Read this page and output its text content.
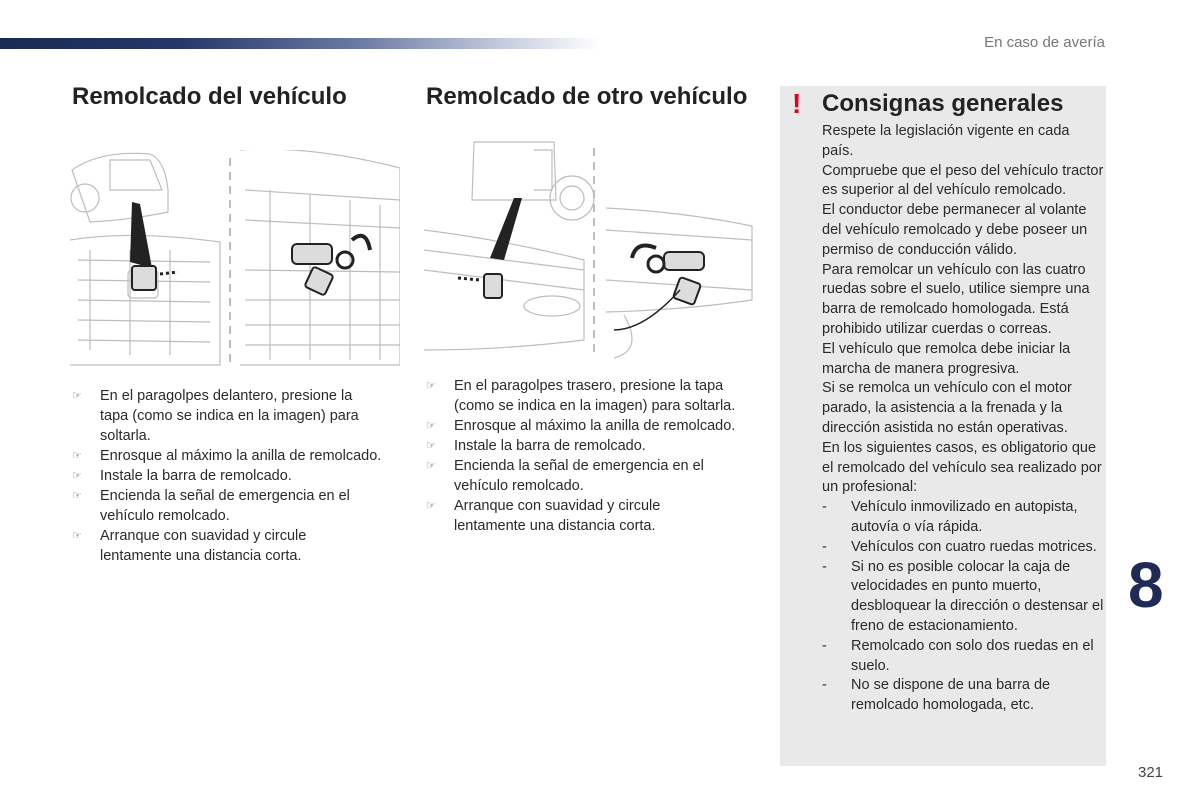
En caso de avería
Remolcado del vehículo
☞ En el paragolpes delantero, presione la tapa (como se indica en la imagen) para soltarla.
☞ Enrosque al máximo la anilla de remolcado.
☞ Instale la barra de remolcado.
☞ Encienda la señal de emergencia en el vehículo remolcado.
☞ Arranque con suavidad y circule lentamente una distancia corta.
Remolcado de otro vehículo
☞ En el paragolpes trasero, presione la tapa (como se indica en la imagen) para soltarla.
☞ Enrosque al máximo la anilla de remolcado.
☞ Instale la barra de remolcado.
☞ Encienda la señal de emergencia en el vehículo remolcado.
☞ Arranque con suavidad y circule lentamente una distancia corta.
! Consignas generales

Respete la legislación vigente en cada país.

Compruebe que el peso del vehículo tractor es superior al del vehículo remolcado.

El conductor debe permanecer al volante del vehículo remolcado y debe poseer un permiso de conducción válido.

Para remolcar un vehículo con las cuatro ruedas sobre el suelo, utilice siempre una barra de remolcado homologada. Está prohibido utilizar cuerdas o correas.

El vehículo que remolca debe iniciar la marcha de manera progresiva.

Si se remolca un vehículo con el motor parado, la asistencia a la frenada y la dirección asistida no están operativas.

En los siguientes casos, es obligatorio que el remolcado del vehículo sea realizado por un profesional:

- Vehículo inmovilizado en autopista, autovía o vía rápida.
- Vehículos con cuatro ruedas motrices.
- Si no es posible colocar la caja de velocidades en punto muerto, desbloquear la dirección o destensar el freno de estacionamiento.
- Remolcado con solo dos ruedas en el suelo.
- No se dispone de una barra de remolcado homologada, etc.
8
321
